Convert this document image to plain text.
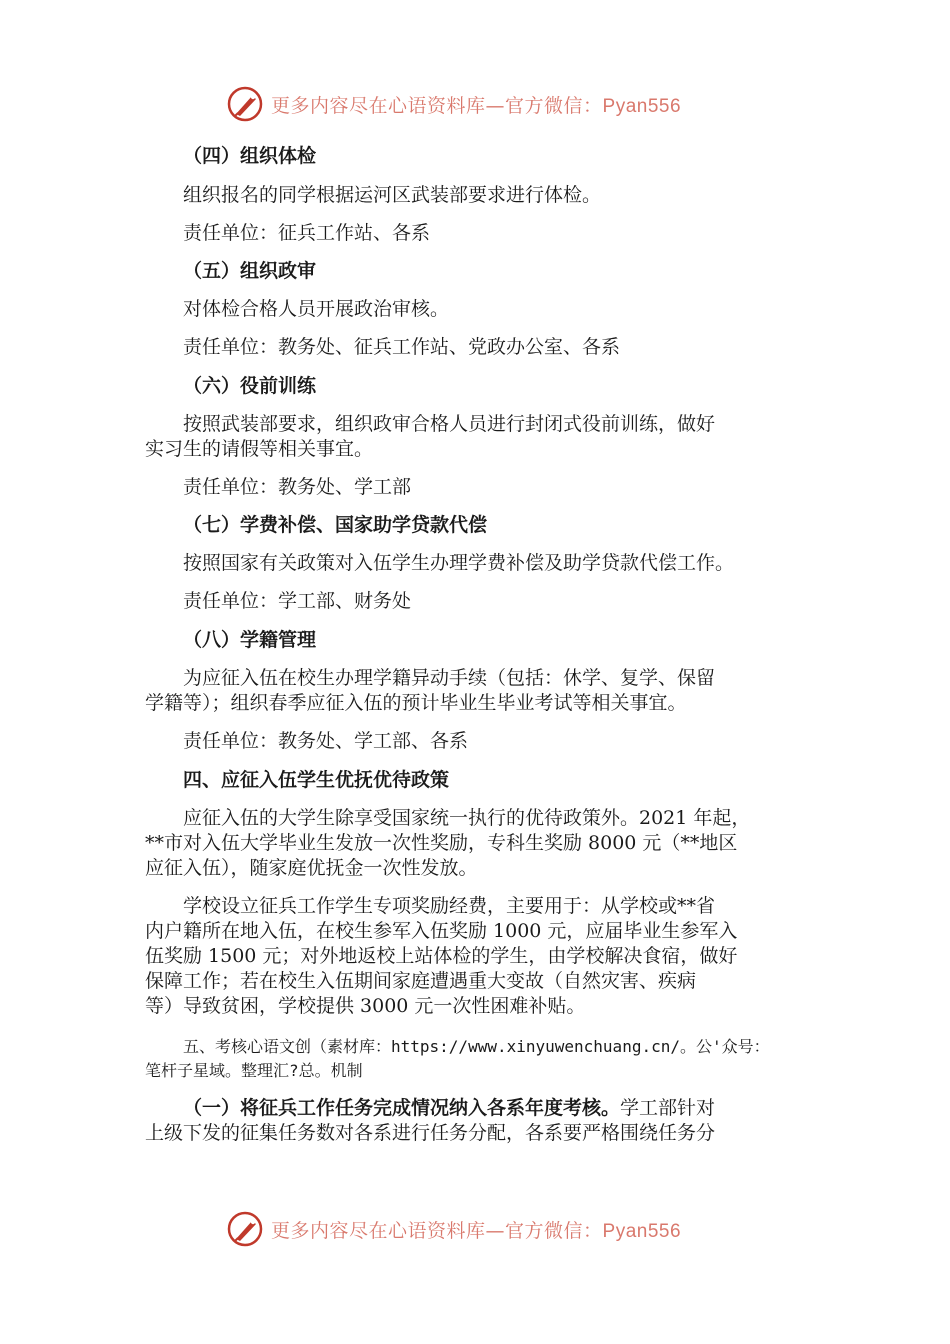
更多内容尽在心语资料库—官方微信：Pyan556

（四）组织体检

组织报名的同学根据运河区武装部要求进行体检。

责任单位：征兵工作站、各系

（五）组织政审

对体检合格人员开展政治审核。

责任单位：教务处、征兵工作站、党政办公室、各系

（六）役前训练

按照武装部要求，组织政审合格人员进行封闭式役前训练，做好

实习生的请假等相关事宜。

责任单位：教务处、学工部

（七）学费补偿、国家助学贷款代偿

按照国家有关政策对入伍学生办理学费补偿及助学贷款代偿工作。

责任单位：学工部、财务处

（八）学籍管理

为应征入伍在校生办理学籍异动手续（包括：休学、复学、保留

学籍等）；组织春季应征入伍的预计毕业生毕业考试等相关事宜。

责任单位：教务处、学工部、各系

四、应征入伍学生优抚优待政策

应征入伍的大学生除享受国家统一执行的优待政策外。2021 年起，

**市对入伍大学毕业生发放一次性奖励，专科生奖励 8000 元（**地区

应征入伍），随家庭优抚金一次性发放。

学校设立征兵工作学生专项奖励经费，主要用于：从学校或**省

内户籍所在地入伍，在校生参军入伍奖励 1000 元，应届毕业生参军入

伍奖励 1500 元；对外地返校上站体检的学生，由学校解决食宿，做好

保障工作；若在校生入伍期间家庭遭遇重大变故（自然灾害、疾病

等）导致贫困，学校提供 3000 元一次性困难补贴。

五、考核心语文创（素材库：https://www.xinyuwenchuang.cn/。公'众号：

笔杆子星域。整理汇?总。机制

（一）将征兵工作任务完成情况纳入各系年度考核。学工部针对

上级下发的征集任务数对各系进行任务分配，各系要严格围绕任务分

更多内容尽在心语资料库—官方微信：Pyan556
